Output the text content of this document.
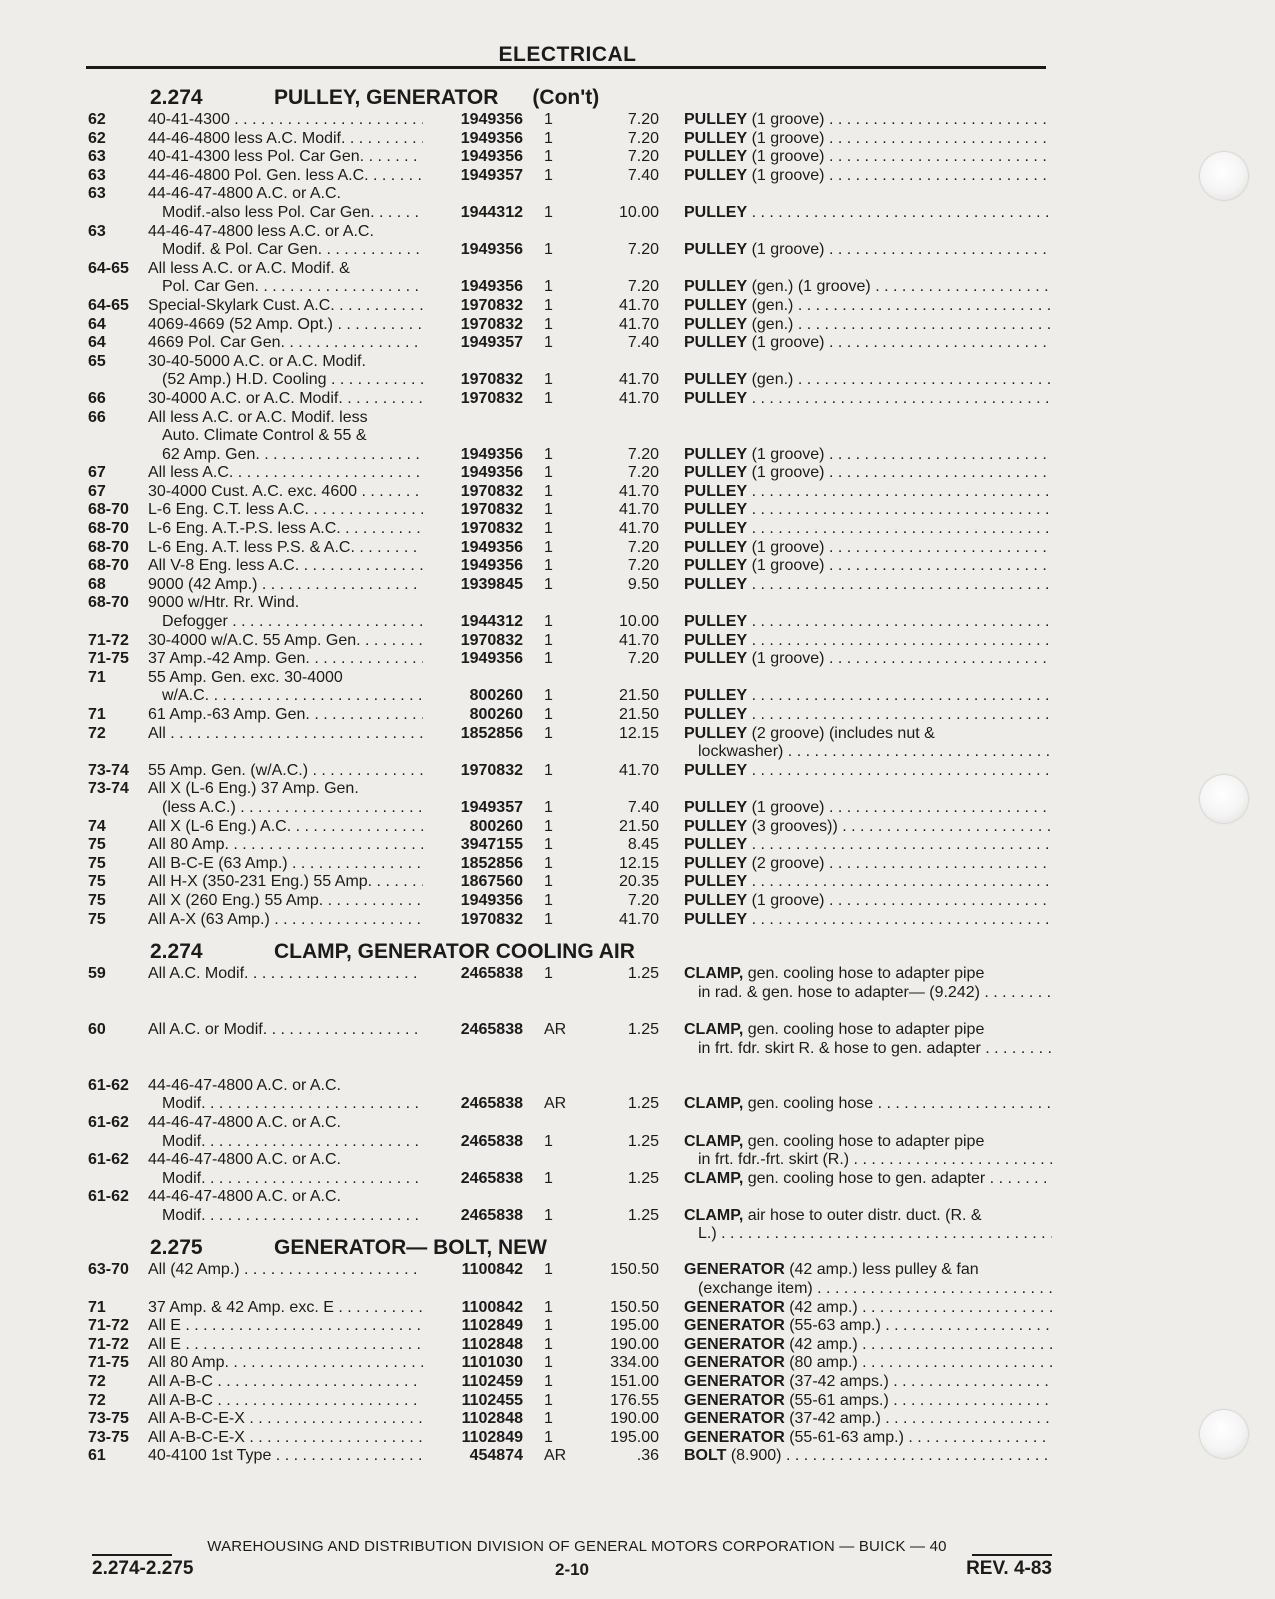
ELECTRICAL
2.274	PULLEY, GENERATOR (Con't)
62	40-41-4300 . . .	1949356 1	7.20 PULLEY (1 groove) . . .
62	44-46-4800 less A.C. Modif. . . .	1949356 1	7.20 PULLEY (1 groove) . . .
63	40-41-4300 less Pol. Car Gen. . . .	1949356 1	7.20 PULLEY (1 groove) . . .
63	44-46-4800 Pol. Gen. less A.C. . . .	1949357 1	7.40 PULLEY (1 groove) . . .
63	44-46-47-4800 A.C. or A.C.
Modif.-also less Pol. Car Gen. . . .	1944312 1	10.00 PULLEY . . .
63	44-46-47-4800 less A.C. or A.C.
Modif. & Pol. Car Gen. . . .	1949356 1	7.20 PULLEY (1 groove) . . .
64-65 All less A.C. or A.C. Modif. &
Pol. Car Gen. . . .	1949356 1	7.20 PULLEY (gen.) (1 groove) . . .
64-65 Special-Skylark Cust. A.C. . . .	1970832 1	41.70 PULLEY (gen.) . . .
64	4069-4669 (52 Amp. Opt.) . . .	1970832 1	41.70 PULLEY (gen.) . . .
64	4669 Pol. Car Gen. . . .	1949357 1	7.40 PULLEY (1 groove) . . .
65	30-40-5000 A.C. or A.C. Modif.
(52 Amp.) H.D. Cooling . . .	1970832 1	41.70 PULLEY (gen.) . . .
66	30-4000 A.C. or A.C. Modif. . . .	1970832 1	41.70 PULLEY . . .
66	All less A.C. or A.C. Modif. less
Auto. Climate Control & 55 &
62 Amp. Gen. . . .	1949356 1	7.20 PULLEY (1 groove) . . .
67	All less A.C. . . .	1949356 1	7.20 PULLEY (1 groove) . . .
67	30-4000 Cust. A.C. exc. 4600 . . .	1970832 1	41.70 PULLEY . . .
68-70 L-6 Eng. C.T. less A.C. . . .	1970832 1	41.70 PULLEY . . .
68-70 L-6 Eng. A.T.-P.S. less A.C. . . .	1970832 1	41.70 PULLEY . . .
68-70 L-6 Eng. A.T. less P.S. & A.C. . . .	1949356 1	7.20 PULLEY (1 groove) . . .
68-70 All V-8 Eng. less A.C. . . .	1949356 1	7.20 PULLEY (1 groove) . . .
68	9000 (42 Amp.) . . .	1939845 1	9.50 PULLEY . . .
68-70 9000 w/Htr. Rr. Wind.
Defogger . . .	1944312 1	10.00 PULLEY . . .
71-72 30-4000 w/A.C. 55 Amp. Gen. . . .	1970832 1	41.70 PULLEY . . .
71-75 37 Amp.-42 Amp. Gen. . . .	1949356 1	7.20 PULLEY (1 groove) . . .
71	55 Amp. Gen. exc. 30-4000
w/A.C. . . .	800260 1	21.50 PULLEY . . .
71	61 Amp.-63 Amp. Gen. . . .	800260 1	21.50 PULLEY . . .
72	All . . .	1852856 1	12.15 PULLEY (2 groove) (includes nut &
lockwasher) . . .
73-74 55 Amp. Gen. (w/A.C.) . . .	1970832 1	41.70 PULLEY . . .
73-74 All X (L-6 Eng.) 37 Amp. Gen.
(less A.C.) . . .	1949357 1	7.40 PULLEY (1 groove) . . .
74	All X (L-6 Eng.) A.C. . . .	800260 1	21.50 PULLEY (3 grooves)) . . .
75	All 80 Amp. . . .	3947155 1	8.45 PULLEY . . .
75	All B-C-E (63 Amp.) . . .	1852856 1	12.15 PULLEY (2 groove) . . .
75	All H-X (350-231 Eng.) 55 Amp. . . .	1867560 1	20.35 PULLEY . . .
75	All X (260 Eng.) 55 Amp. . . .	1949356 1	7.20 PULLEY (1 groove) . . .
75	All A-X (63 Amp.) . . .	1970832 1	41.70 PULLEY . . .
2.274	CLAMP, GENERATOR COOLING AIR
59	All A.C. Modif. . . .	2465838 1	1.25 CLAMP, gen. cooling hose to adapter pipe
in rad. & gen. hose to adapter— (9.242) . . . .
60	All A.C. or Modif. . . .	2465838 AR	1.25 CLAMP, gen. cooling hose to adapter pipe
in frt. fdr. skirt R. & hose to gen. adapter . . . .
61-62 44-46-47-4800 A.C. or A.C.
Modif. . . .	2465838 AR	1.25 CLAMP, gen. cooling hose . . .
61-62 44-46-47-4800 A.C. or A.C.
Modif. . . .	2465838 1	1.25 CLAMP, gen. cooling hose to adapter pipe
in frt. fdr.-frt. skirt (R.) . . .
61-62 44-46-47-4800 A.C. or A.C.
Modif. . . .	2465838 1	1.25 CLAMP, gen. cooling hose to gen. adapter . . .
61-62 44-46-47-4800 A.C. or A.C.
Modif. . . .	2465838 1	1.25 CLAMP, air hose to outer distr. duct. (R. &
L.) . . .
2.275	GENERATOR— BOLT, NEW
63-70 All (42 Amp.) . . .	1100842 1	150.50 GENERATOR (42 amp.) less pulley & fan
(exchange item) . . .
71	37 Amp. & 42 Amp. exc. E . . .	1100842 1	150.50 GENERATOR (42 amp.) . . .
71-72 All E . . .	1102849 1	195.00 GENERATOR (55-63 amp.) . . .
71-72 All E . . .	1102848 1	190.00 GENERATOR (42 amp.) . . .
71-75 All 80 Amp. . . .	1101030 1	334.00 GENERATOR (80 amp.) . . .
72	All A-B-C . . .	1102459 1	151.00 GENERATOR (37-42 amps.) . . .
72	All A-B-C . . .	1102455 1	176.55 GENERATOR (55-61 amps.) . . .
73-75 All A-B-C-E-X . . .	1102848 1	190.00 GENERATOR (37-42 amp.) . . .
73-75 All A-B-C-E-X . . .	1102849 1	195.00 GENERATOR (55-61-63 amp.) . . .
61	40-4100 1st Type . . .	454874 AR	.36 BOLT (8.900) . . .
WAREHOUSING AND DISTRIBUTION DIVISION OF GENERAL MOTORS CORPORATION — BUICK — 40
2.274-2.275	2-10	REV. 4-83
